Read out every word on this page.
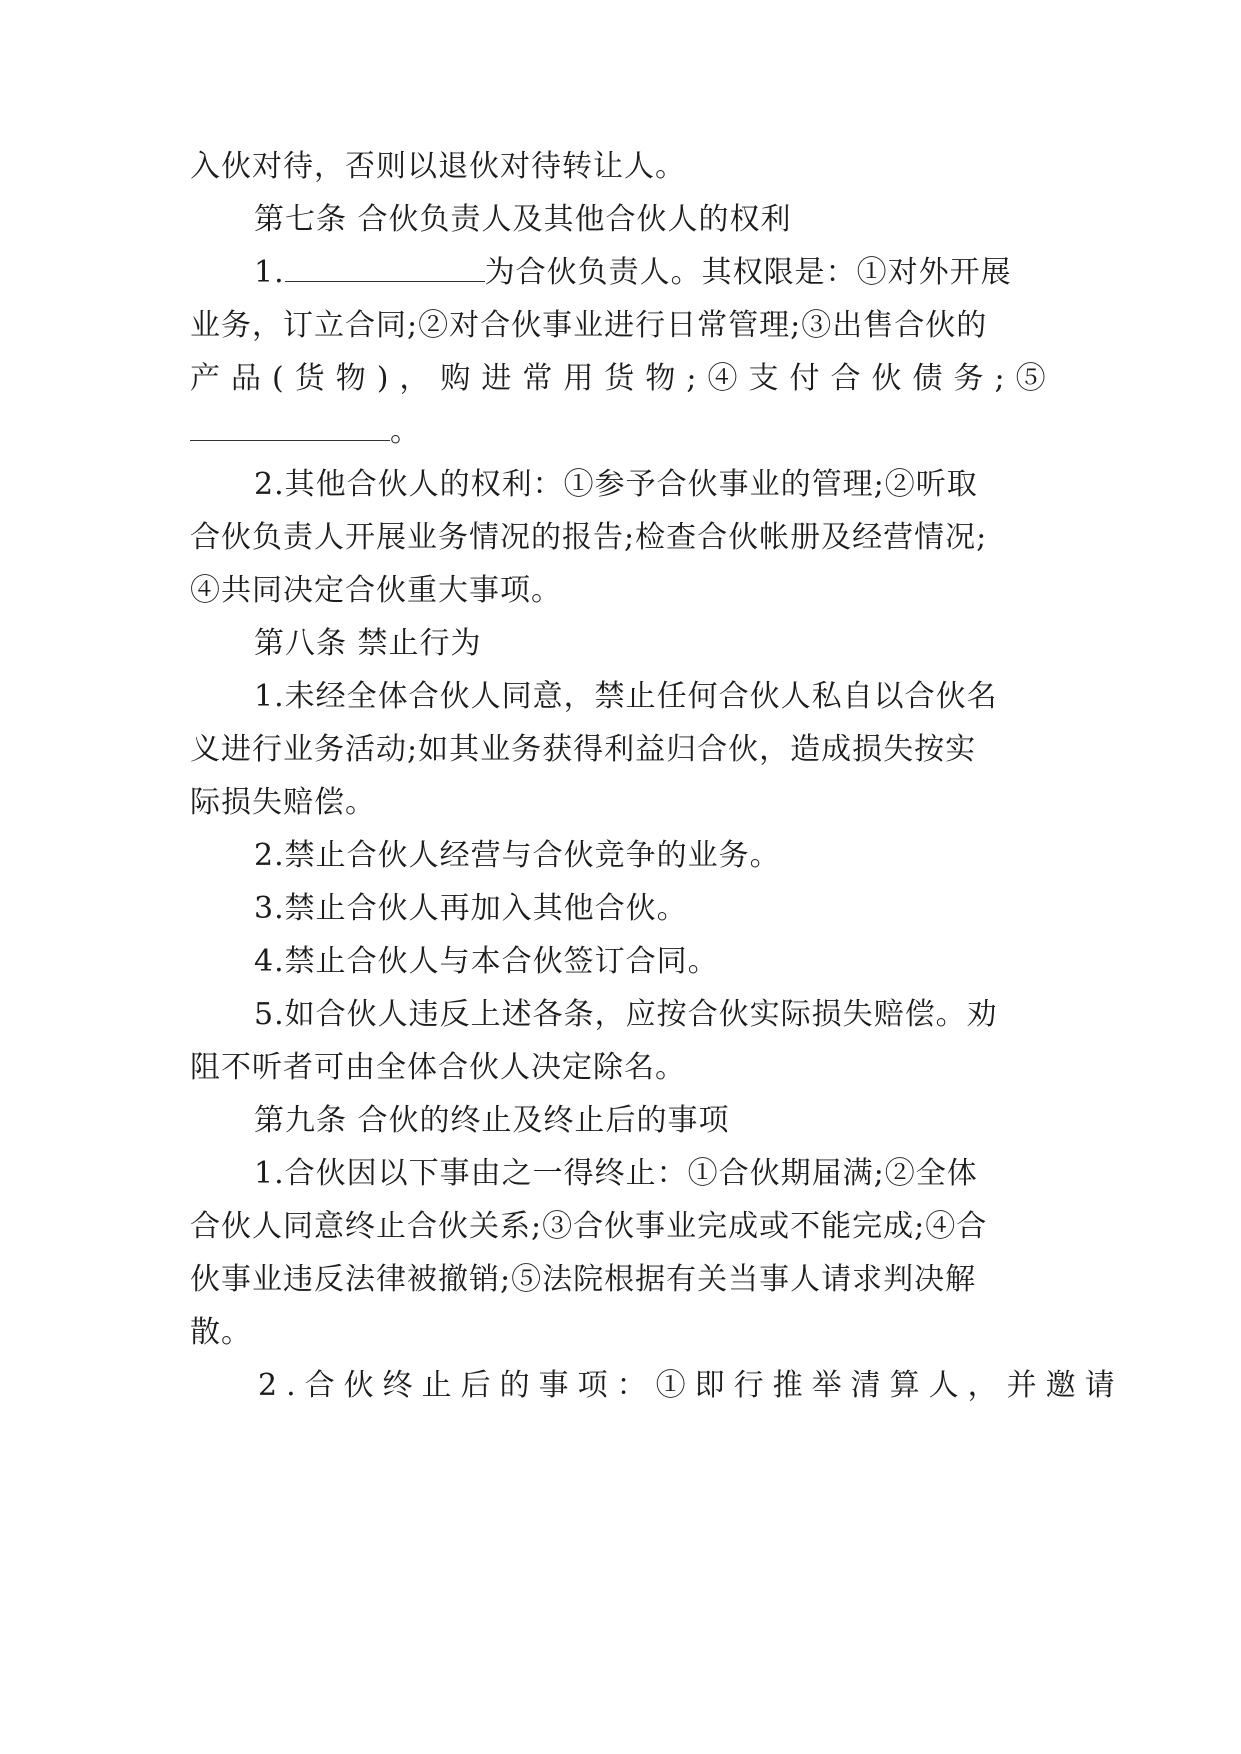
入伙对待，否则以退伙对待转让人。
第七条 合伙负责人及其他合伙人的权利
1.	为合伙负责人。其权限是：①对外开展
业务，订立合同;②对合伙事业进行日常管理;③出售合伙的
产品(货物)，购进常用货物;④支付合伙债务;⑤
。
2.其他合伙人的权利：①参予合伙事业的管理;②听取
合伙负责人开展业务情况的报告;检查合伙帐册及经营情况;
④共同决定合伙重大事项。
第八条 禁止行为
1.未经全体合伙人同意，禁止任何合伙人私自以合伙名
义进行业务活动;如其业务获得利益归合伙，造成损失按实
际损失赔偿。
2.禁止合伙人经营与合伙竞争的业务。
3.禁止合伙人再加入其他合伙。
4.禁止合伙人与本合伙签订合同。
5.如合伙人违反上述各条，应按合伙实际损失赔偿。劝
阻不听者可由全体合伙人决定除名。
第九条 合伙的终止及终止后的事项
1.合伙因以下事由之一得终止：①合伙期届满;②全体
合伙人同意终止合伙关系;③合伙事业完成或不能完成;④合
伙事业违反法律被撤销;⑤法院根据有关当事人请求判决解
散。
2.合伙终止后的事项：①即行推举清算人，并邀请
